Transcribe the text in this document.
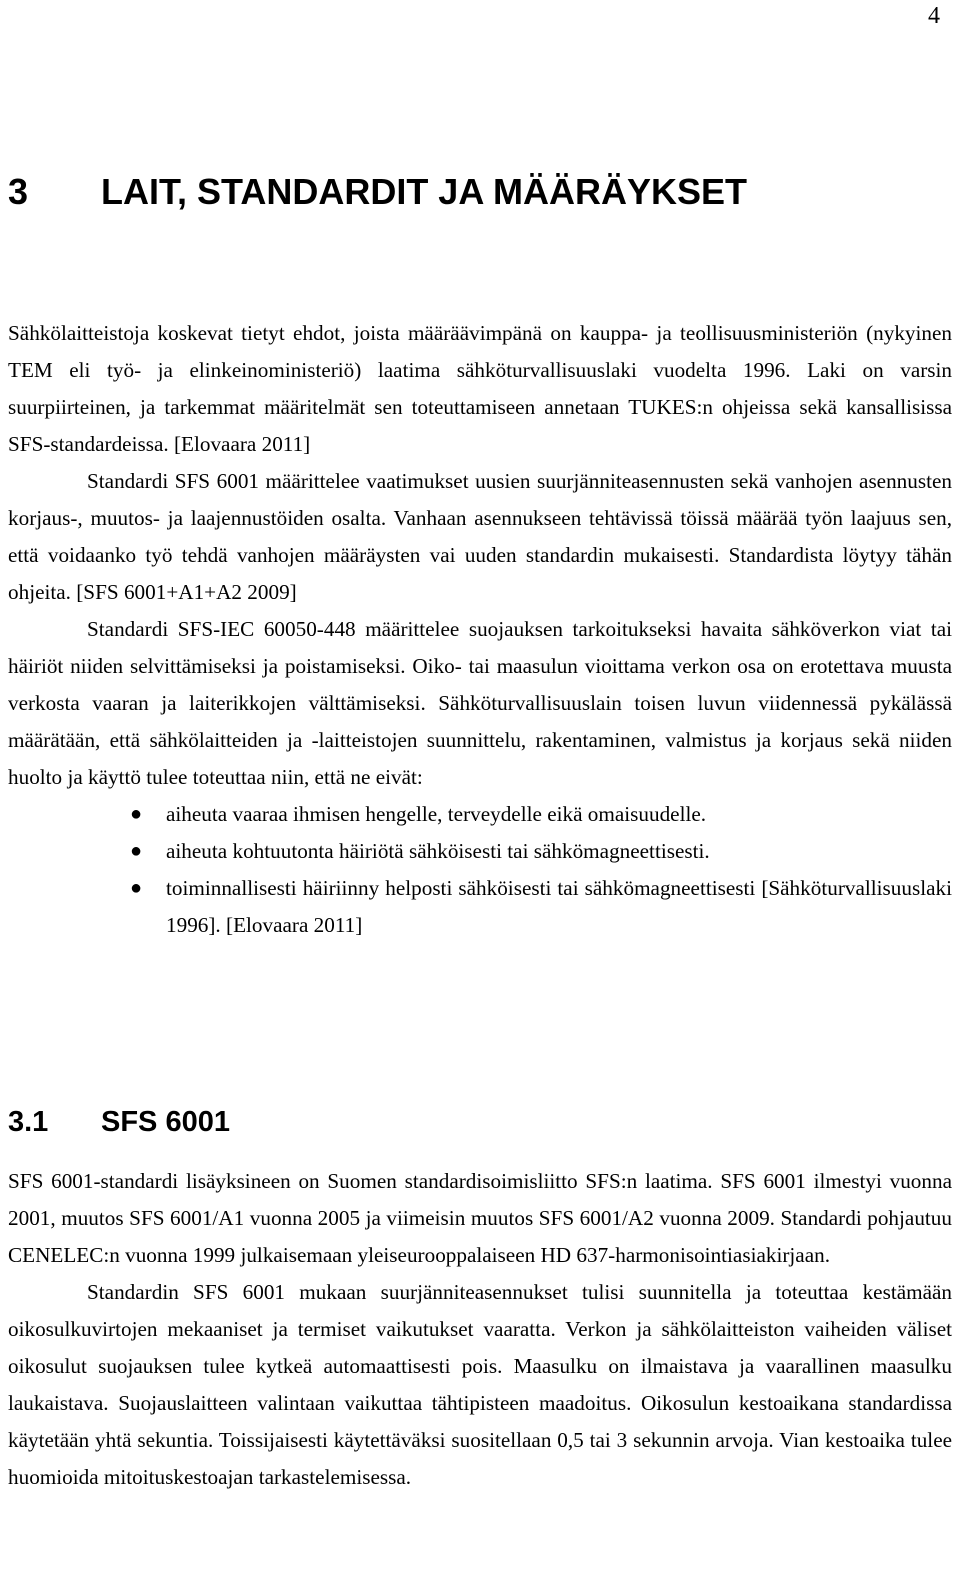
4
3 LAIT, STANDARDIT JA MÄÄRÄYKSET

Sähkölaitteistoja koskevat tietyt ehdot, joista määräävimpänä on kauppa- ja teollisuusministeriön (nykyinen TEM eli työ- ja elinkeinoministeriö) laatima sähköturvallisuuslaki vuodelta 1996. Laki on varsin suurpiirteinen, ja tarkemmat määritelmät sen toteuttamiseen annetaan TUKES:n ohjeissa sekä kansallisissa SFS-standardeissa. [Elovaara 2011]

Standardi SFS 6001 määrittelee vaatimukset uusien suurjänniteasennusten sekä vanhojen asennusten korjaus-, muutos- ja laajennustöiden osalta. Vanhaan asennukseen tehtävissä töissä määrää työn laajuus sen, että voidaanko työ tehdä vanhojen määräysten vai uuden standardin mukaisesti. Standardista löytyy tähän ohjeita. [SFS 6001+A1+A2 2009]

Standardi SFS-IEC 60050-448 määrittelee suojauksen tarkoitukseksi havaita sähköverkon viat tai häiriöt niiden selvittämiseksi ja poistamiseksi. Oiko- tai maasulun vioittama verkon osa on erotettava muusta verkosta vaaran ja laiterikkojen välttämiseksi. Sähköturvallisuuslain toisen luvun viidennessä pykälässä määrätään, että sähkölaitteiden ja -laitteistojen suunnittelu, rakentaminen, valmistus ja korjaus sekä niiden huolto ja käyttö tulee toteuttaa niin, että ne eivät:

● aiheuta vaaraa ihmisen hengelle, terveydelle eikä omaisuudelle.
● aiheuta kohtuutonta häiriötä sähköisesti tai sähkömagneettisesti.
● toiminnallisesti häiriinny helposti sähköisesti tai sähkömagneettisesti [Sähköturvallisuuslaki 1996]. [Elovaara 2011]
3.1 SFS 6001

SFS 6001-standardi lisäyksineen on Suomen standardisoimisliitto SFS:n laatima. SFS 6001 ilmestyi vuonna 2001, muutos SFS 6001/A1 vuonna 2005 ja viimeisin muutos SFS 6001/A2 vuonna 2009. Standardi pohjautuu CENELEC:n vuonna 1999 julkaisemaan yleiseurooppalaiseen HD 637-harmonisointiasiakirjaan.

Standardin SFS 6001 mukaan suurjänniteasennukset tulisi suunnitella ja toteuttaa kestämään oikosulkuvirtojen mekaaniset ja termiset vaikutukset vaaratta. Verkon ja sähkölaitteiston vaiheiden väliset oikosulut suojauksen tulee kytkeä automaattisesti pois. Maasulku on ilmaistava ja vaarallinen maasulku laukaistava. Suojauslaitteen valintaan vaikuttaa tähtipisteen maadoitus. Oikosulun kestoaikana standardissa käytetään yhtä sekuntia. Toissijaisesti käytettäväksi suositellaan 0,5 tai 3 sekunnin arvoja. Vian kestoaika tulee huomioida mitoituskestoajan tarkastelemisessa.
